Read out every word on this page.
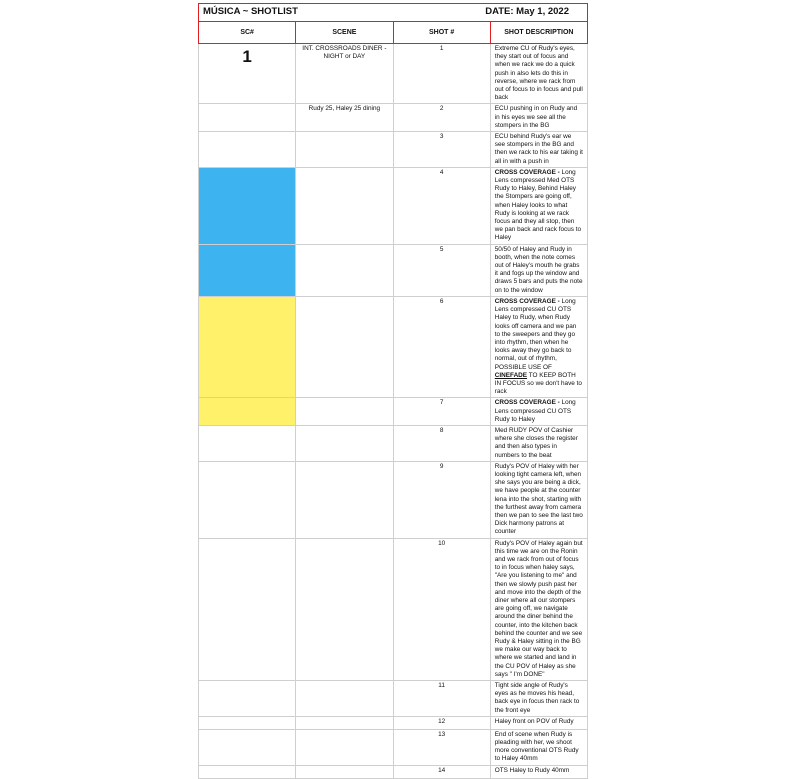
MÚSICA ~ SHOTLIST DATE: May 1, 2022			

SC#	SCENE	SHOT #	SHOT DESCRIPTION
1	INT. CROSSROADS DINER - NIGHT or DAY	1	Extreme CU of Rudy's eyes, they start out of focus and when we rack we do a quick push in also lets do this in reverse, where we rack from out of focus to in focus and pull back
	Rudy 25, Haley 25 dining	2	ECU pushing in on Rudy and in his eyes we see all the stompers in the BG
		3	ECU behind Rudy's ear we see stompers in the BG and then we rack to his ear taking it all in with a push in
		4	CROSS COVERAGE - Long Lens compressed Med OTS Rudy to Haley, Behind Haley the Stompers are going off, when Haley looks to what Rudy is looking at we rack focus and they all stop, then we pan back and rack focus to Haley
		5	50/50 of Haley and Rudy in booth, when the note comes out of Haley's mouth he grabs it and fogs up the window and draws 5 bars and puts the note on to the window
		6	CROSS COVERAGE - Long Lens compressed CU OTS Haley to Rudy, when Rudy looks off camera and we pan to the sweepers and they go into rhythm, then when he looks away they go back to normal, out of rhythm, POSSIBLE USE OF CINEFADE TO KEEP BOTH IN FOCUS so we don't have to rack
		7	CROSS COVERAGE - Long Lens compressed CU OTS Rudy to Haley
		8	Med RUDY POV of Cashier where she closes the register and then also types in numbers to the beat
		9	Rudy's POV of Haley with her looking tight camera left, when she says you are being a dick, we have people at the counter lena into the shot, starting with the furthest away from camera then we pan to see the last two Dick harmony patrons at counter
		10	Rudy's POV of Haley again but this time we are on the Ronin and we rack from out of focus to in focus when haley says, "Are you listening to me" and then we slowly push past her and move into the depth of the diner where all our stompers are going off, we navigate around the diner behind the counter, into the kitchen back behind the counter and we see Rudy & Haley sitting in the BG we make our way back to where we started and land in the CU POV of Haley as she says " I'm DONE"
		11	Tight side angle of Rudy's eyes as he moves his head, back eye in focus then rack to the front eye
		12	Haley front on POV of Rudy
		13	End of scene when Rudy is pleading with her, we shoot more conventional OTS Rudy to Haley 40mm
		14	OTS Haley to Rudy 40mm
